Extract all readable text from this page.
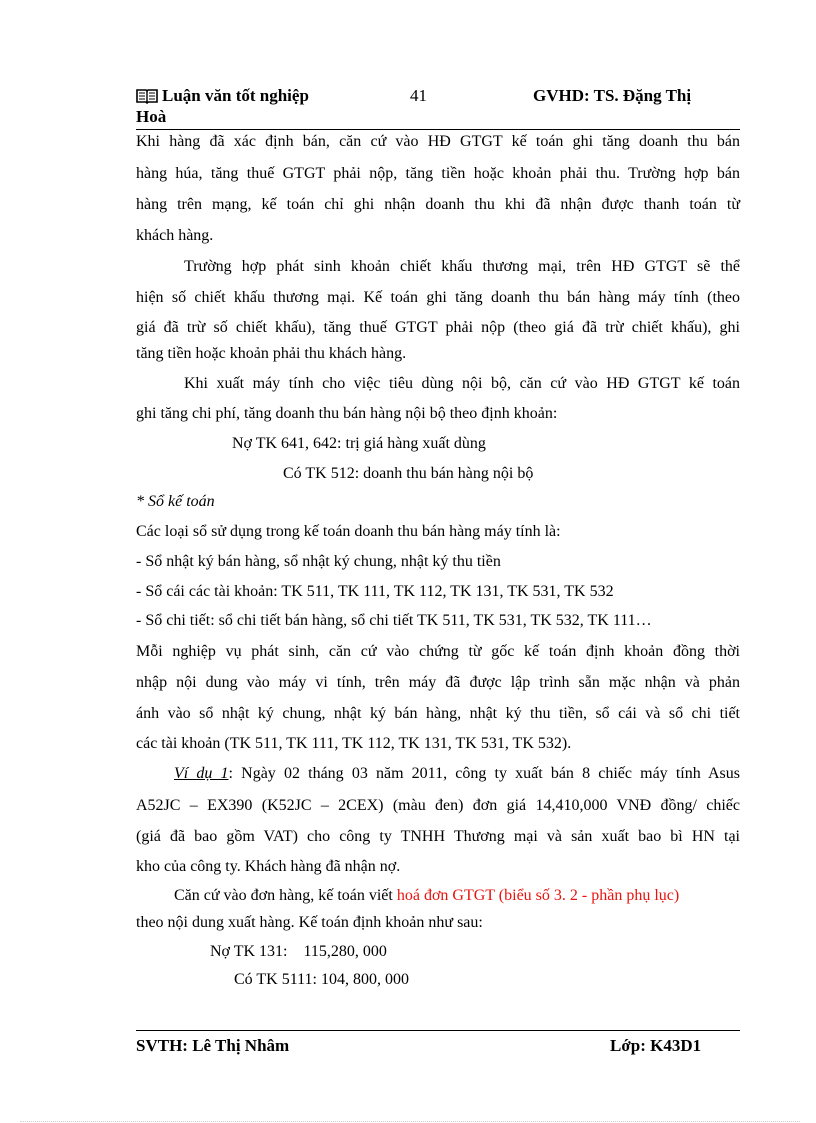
Luận văn tốt nghiệp	41	GVHD: TS. Đặng Thị
Hoà
Khi hàng đã xác định bán, căn cứ vào HĐ GTGT kế toán ghi tăng doanh thu bán
hàng húa, tăng thuế GTGT phải nộp, tăng tiền hoặc khoản phải thu. Trường hợp bán
hàng trên mạng, kế toán chỉ ghi nhận doanh thu khi đã nhận được thanh toán từ
khách hàng.
Trường hợp phát sinh khoản chiết khấu thương mại, trên HĐ GTGT sẽ thể
hiện số chiết khấu thương mại. Kế toán ghi tăng doanh thu bán hàng máy tính (theo
giá đã trừ số chiết khấu), tăng thuế GTGT phải nộp (theo giá đã trừ chiết khấu), ghi
tăng tiền hoặc khoản phải thu khách hàng.
Khi xuất máy tính cho việc tiêu dùng nội bộ, căn cứ vào HĐ GTGT kế toán
ghi tăng chi phí, tăng doanh thu bán hàng nội bộ theo định khoản:
Nợ TK 641, 642: trị giá hàng xuất dùng
Có TK 512: doanh thu bán hàng nội bộ
* Sổ kế toán
Các loại sổ sử dụng trong kế toán doanh thu bán hàng máy tính là:
- Sổ nhật ký bán hàng, sổ nhật ký chung, nhật ký thu tiền
- Sổ cái các tài khoản: TK 511, TK 111, TK 112, TK 131, TK 531, TK 532
- Sổ chi tiết: sổ chi tiết bán hàng, sổ chi tiết TK 511, TK 531, TK 532, TK 111…
Mỗi nghiệp vụ phát sinh, căn cứ vào chứng từ gốc kế toán định khoản đồng thời
nhập nội dung vào máy vi tính, trên máy đã được lập trình sẵn mặc nhận và phản
ánh vào sổ nhật ký chung, nhật ký bán hàng, nhật ký thu tiền, sổ cái và sổ chi tiết
các tài khoản (TK 511, TK 111, TK 112, TK 131, TK 531, TK 532).
Ví dụ 1: Ngày 02 tháng 03 năm 2011, công ty xuất bán 8 chiếc máy tính Asus
A52JC – EX390 (K52JC – 2CEX) (màu đen) đơn giá 14,410,000 VNĐ đồng/ chiếc
(giá đã bao gồm VAT) cho công ty TNHH Thương mại và sản xuất bao bì HN tại
kho của công ty. Khách hàng đã nhận nợ.
Căn cứ vào đơn hàng, kế toán viết hoá đơn GTGT (biểu số 3. 2 - phần phụ lục)
theo nội dung xuất hàng. Kế toán định khoản như sau:
Nợ TK 131:    115,280, 000
Có TK 5111: 104, 800, 000
SVTH: Lê Thị Nhâm	Lớp: K43D1
